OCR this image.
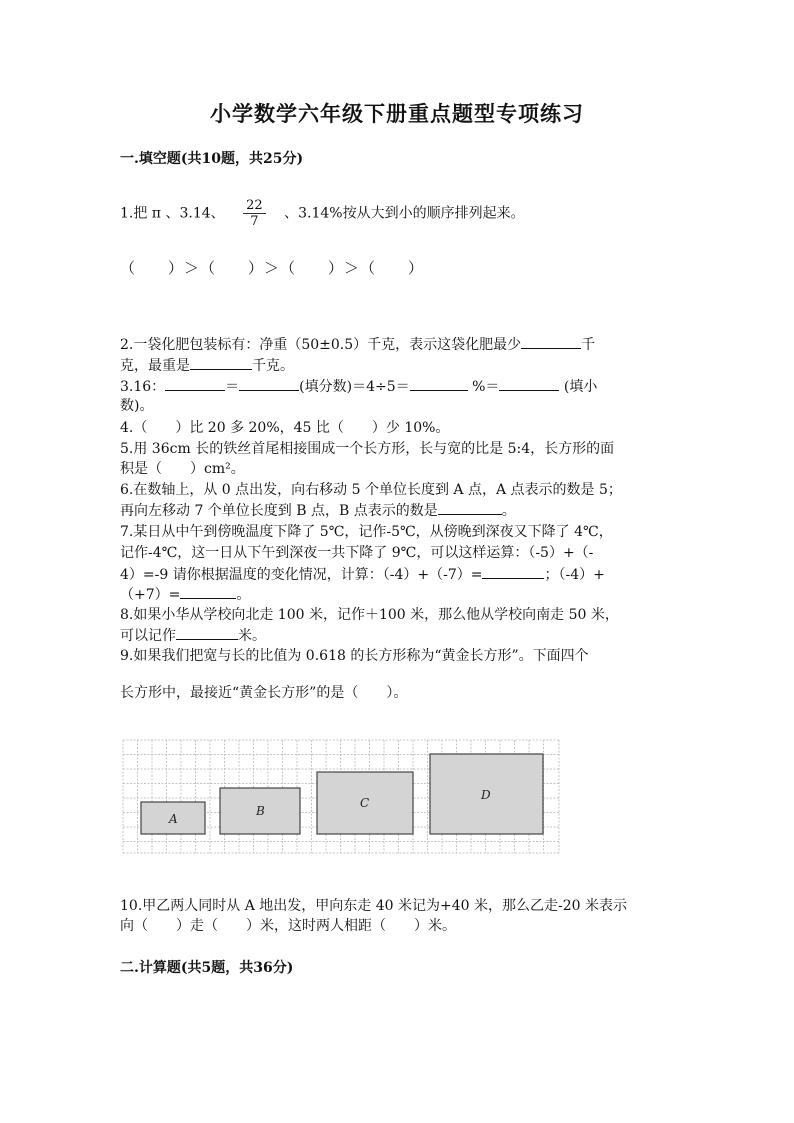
小学数学六年级下册重点题型专项练习
一.填空题(共10题，共25分)
1.把 π 、3.14、 $\frac{22}{7}$ 、3.14%按从大到小的顺序排列起来。
（　　）＞（　　）＞（　　）＞（　　）
2.一袋化肥包装标有：净重（50±0.5）千克，表示这袋化肥最少	千
克，最重是	千克。
3.16：	＝	(填分数)＝4÷5＝	%＝	(填小
数)。
4.（　　）比 20 多 20%，45 比（　　）少 10%。
5.用 36cm 长的铁丝首尾相接围成一个长方形，长与宽的比是 5:4，长方形的面
积是（　　）cm²。
6.在数轴上，从 0 点出发，向右移动 5 个单位长度到 A 点，A 点表示的数是 5；
再向左移动 7 个单位长度到 B 点，B 点表示的数是	。
7.某日从中午到傍晚温度下降了 5℃，记作-5℃，从傍晚到深夜又下降了 4℃，
记作-4℃，这一日从下午到深夜一共下降了 9℃，可以这样运算：（-5）+（-
4）=-9 请你根据温度的变化情况，计算：（-4）+（-7）=	；（-4）+
（+7）=	。
8.如果小华从学校向北走 100 米，记作＋100 米，那么他从学校向南走 50 米，
可以记作	米。
9.如果我们把宽与长的比值为 0.618 的长方形称为“黄金长方形”。下面四个
长方形中，最接近“黄金长方形”的是（　　）。
A
B
C
D
10.甲乙两人同时从 A 地出发，甲向东走 40 米记为+40 米，那么乙走-20 米表示
向（　　）走（　　）米，这时两人相距（　　）米。
二.计算题(共5题，共36分)
